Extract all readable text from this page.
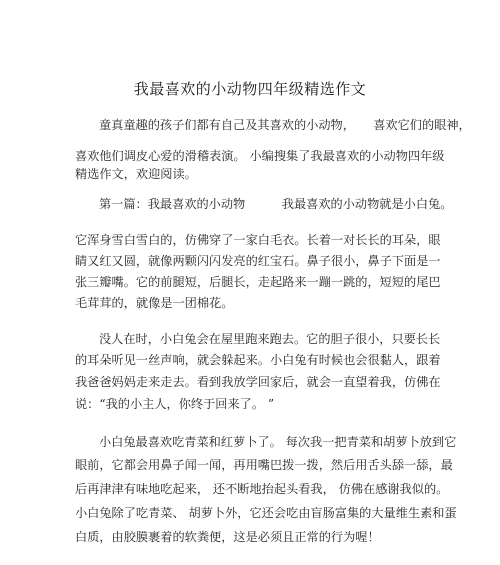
我最喜欢的小动物四年级精选作文
童真童趣的孩子们都有自己及其喜欢的小动物，　　喜欢它们的眼神，
喜欢他们调皮心爱的滑稽表演。 小编搜集了我最喜欢的小动物四年级
精选作文，欢迎阅读。
第一篇：我最喜欢的小动物　　　我最喜欢的小动物就是小白兔。
它浑身雪白雪白的，仿佛穿了一家白毛衣。长着一对长长的耳朵，眼
睛又红又圆，就像两颗闪闪发亮的红宝石。鼻子很小，鼻子下面是一
张三瓣嘴。它的前腿短，后腿长，走起路来一蹦一跳的，短短的尾巴
毛茸茸的，就像是一团棉花。
没人在时，小白兔会在屋里跑来跑去。它的胆子很小，只要长长
的耳朵听见一丝声响，就会躲起来。小白兔有时候也会很黏人，跟着
我爸爸妈妈走来走去。看到我放学回家后，就会一直望着我，仿佛在
说：“我的小主人，你终于回来了。 ”
小白兔最喜欢吃青菜和红萝卜了。 每次我一把青菜和胡萝卜放到它
眼前，它都会用鼻子闻一闻，再用嘴巴拨一拨，然后用舌头舔一舔，最
后再津津有味地吃起来， 还不断地抬起头看我， 仿佛在感谢我似的。
小白兔除了吃青菜、 胡萝卜外，它还会吃由盲肠富集的大量维生素和蛋
白质，由胶膜裹着的软粪便，这是必须且正常的行为喔！
